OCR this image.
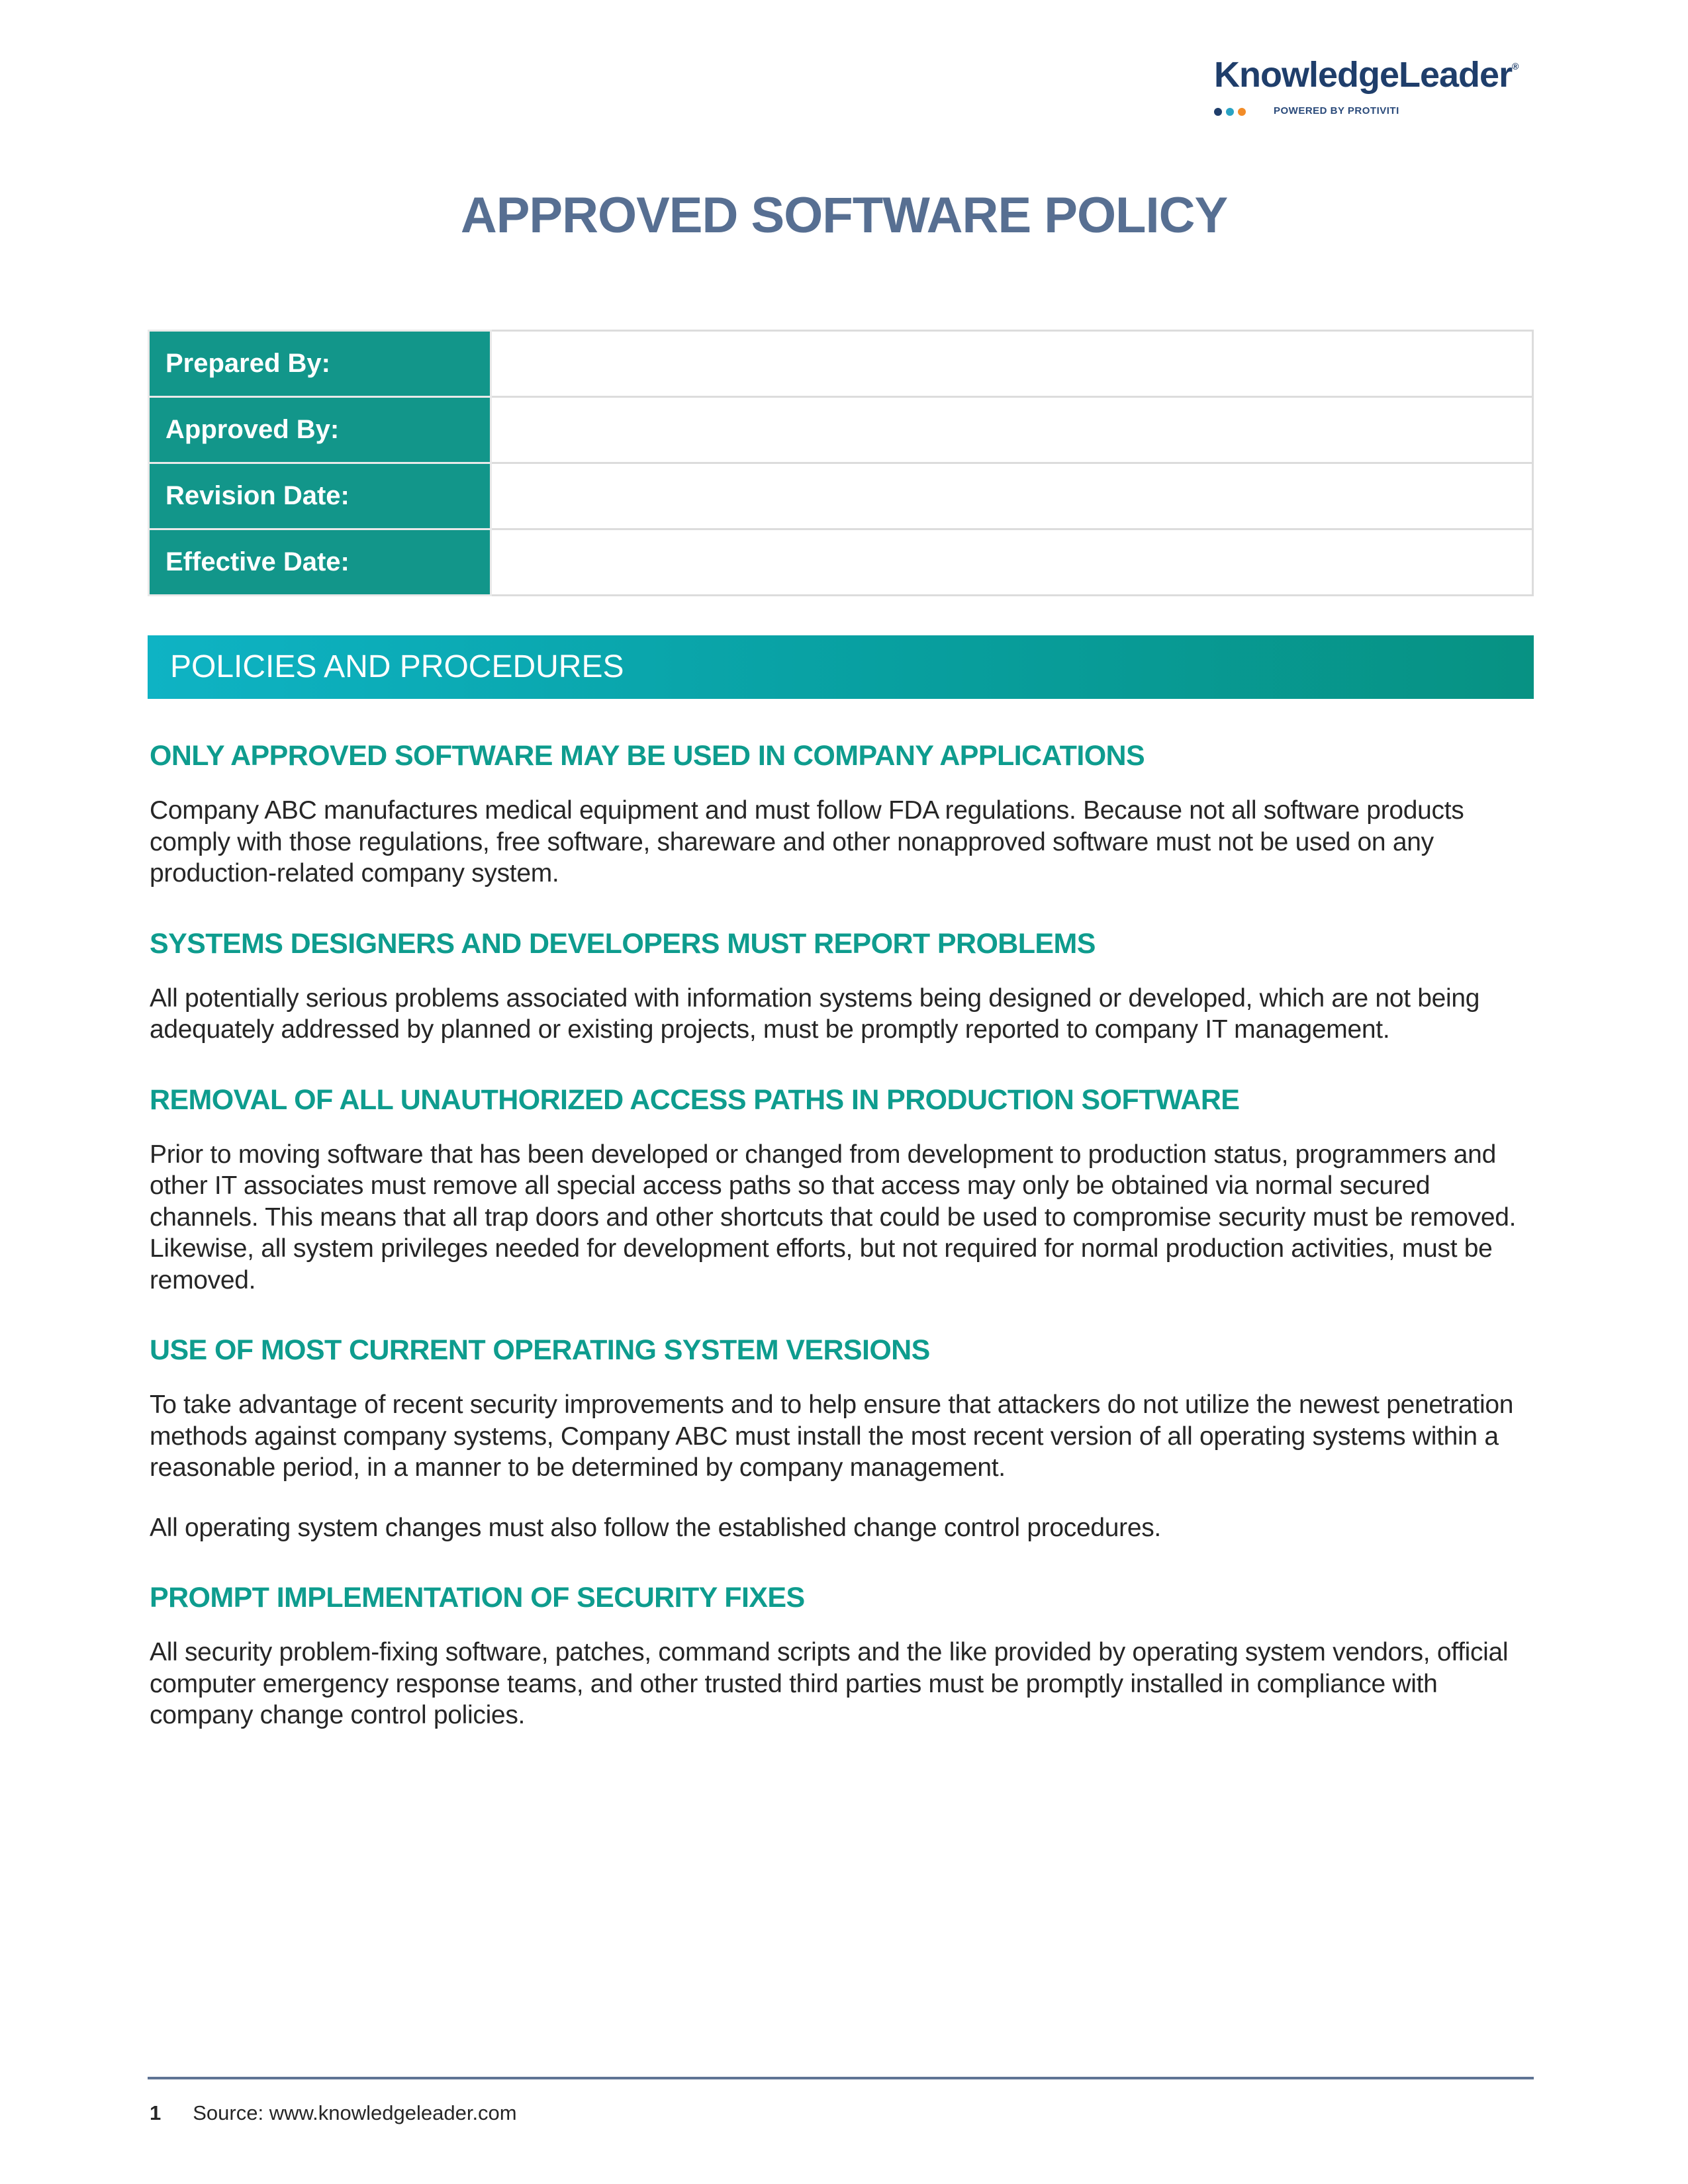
KnowledgeLeader®
POWERED BY PROTIVITI
APPROVED SOFTWARE POLICY
Prepared By:	
Approved By:	
Revision Date:	
Effective Date:	
POLICIES AND PROCEDURES
ONLY APPROVED SOFTWARE MAY BE USED IN COMPANY APPLICATIONS

Company ABC manufactures medical equipment and must follow FDA regulations. Because not all software products comply with those regulations, free software, shareware and other nonapproved software must not be used on any production-related company system.

SYSTEMS DESIGNERS AND DEVELOPERS MUST REPORT PROBLEMS

All potentially serious problems associated with information systems being designed or developed, which are not being adequately addressed by planned or existing projects, must be promptly reported to company IT management.

REMOVAL OF ALL UNAUTHORIZED ACCESS PATHS IN PRODUCTION SOFTWARE

Prior to moving software that has been developed or changed from development to production status, programmers and other IT associates must remove all special access paths so that access may only be obtained via normal secured channels. This means that all trap doors and other shortcuts that could be used to compromise security must be removed. Likewise, all system privileges needed for development efforts, but not required for normal production activities, must be removed.

USE OF MOST CURRENT OPERATING SYSTEM VERSIONS

To take advantage of recent security improvements and to help ensure that attackers do not utilize the newest penetration methods against company systems, Company ABC must install the most recent version of all operating systems within a reasonable period, in a manner to be determined by company management.

All operating system changes must also follow the established change control procedures.

PROMPT IMPLEMENTATION OF SECURITY FIXES

All security problem-fixing software, patches, command scripts and the like provided by operating system vendors, official computer emergency response teams, and other trusted third parties must be promptly installed in compliance with company change control policies.

1 Source: www.knowledgeleader.com
